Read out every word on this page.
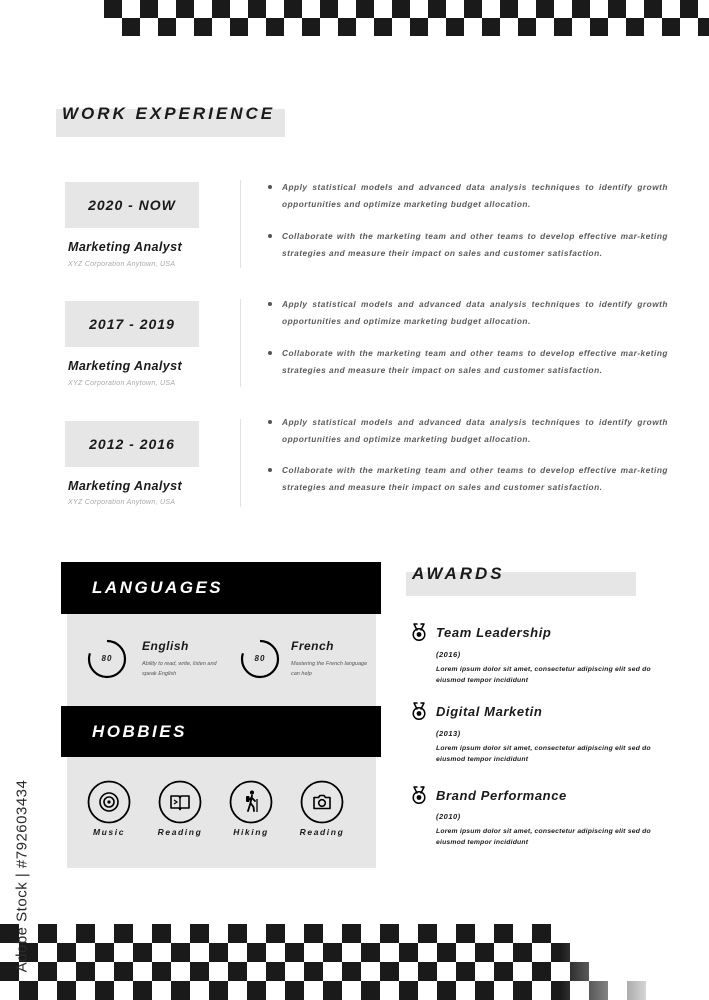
WORK EXPERIENCE
2020 - NOW
Marketing Analyst
XYZ Corporation Anytown, USA
Apply statistical models and advanced data analysis techniques to identify growth opportunities and optimize marketing budget allocation.
Collaborate with the marketing team and other teams to develop effective mar-keting strategies and measure their impact on sales and customer satisfaction.
2017 - 2019
Marketing Analyst
XYZ Corporation Anytown, USA
Apply statistical models and advanced data analysis techniques to identify growth opportunities and optimize marketing budget allocation.
Collaborate with the marketing team and other teams to develop effective mar-keting strategies and measure their impact on sales and customer satisfaction.
2012 - 2016
Marketing Analyst
XYZ Corporation Anytown, USA
Apply statistical models and advanced data analysis techniques to identify growth opportunities and optimize marketing budget allocation.
Collaborate with the marketing team and other teams to develop effective mar-keting strategies and measure their impact on sales and customer satisfaction.
LANGUAGES
80
English
Ability to read, write, listen and speak English
80
French
Mastering the French language can help
HOBBIES
Music	Reading	Hiking	Reading
AWARDS
Team Leadership
(2016)
Lorem ipsum dolor sit amet, consectetur adipiscing elit sed do eiusmod tempor incididunt
Digital Marketin
(2013)
Lorem ipsum dolor sit amet, consectetur adipiscing elit sed do eiusmod tempor incididunt
Brand Performance
(2010)
Lorem ipsum dolor sit amet, consectetur adipiscing elit sed do eiusmod tempor incididunt
Adobe Stock | #792603434
